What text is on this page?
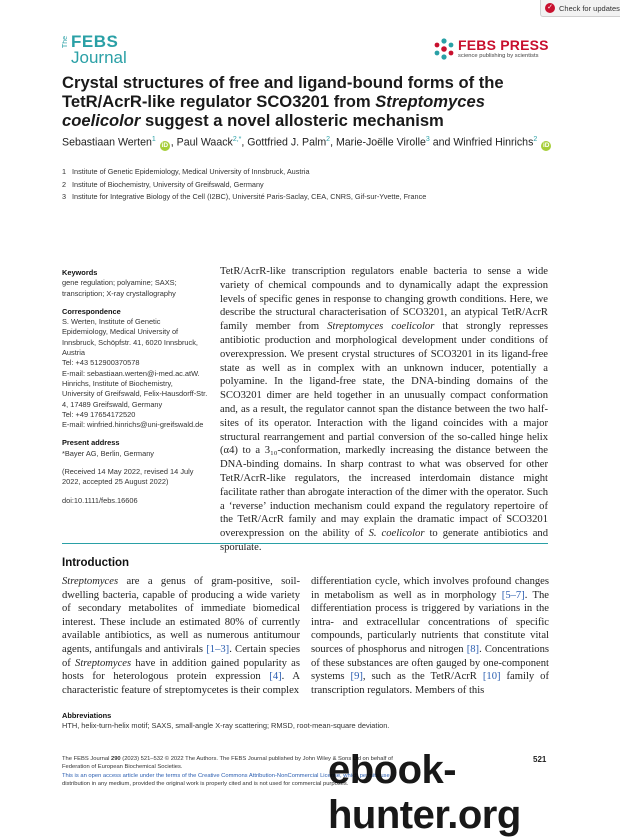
✓ Check for updates
The FEBS
Journal
FEBS PRESS
science publishing by scientists
Crystal structures of free and ligand-bound forms of the TetR/AcrR-like regulator SCO3201 from Streptomyces coelicolor suggest a novel allosteric mechanism
Sebastiaan Werten$^1$ iD , Paul Waack$^{2,*}$, Gottfried J. Palm$^2$, Marie-Joëlle Virolle$^3$ and Winfried Hinrichs$^2$ iD
1 Institute of Genetic Epidemiology, Medical University of Innsbruck, Austria
2 Institute of Biochemistry, University of Greifswald, Germany
3 Institute for Integrative Biology of the Cell (I2BC), Université Paris-Saclay, CEA, CNRS, Gif-sur-Yvette, France
Keywords
gene regulation; polyamine; SAXS; transcription; X-ray crystallography
Correspondence
S. Werten, Institute of Genetic
Epidemiology, Medical University of
Innsbruck, Schöpfstr. 41, 6020 Innsbruck,
Austria
Tel: +43 512900370578
E-mail: sebastiaan.werten@i-med.ac.atW.
Hinrichs, Institute of Biochemistry,
University of Greifswald, Felix-Hausdorff-Str.
4, 17489 Greifswald, Germany
Tel: +49 17654172520
E-mail: winfried.hinrichs@uni-greifswald.de
Present address
*Bayer AG, Berlin, Germany
(Received 14 May 2022, revised 14 July 2022, accepted 25 August 2022)
doi:10.1111/febs.16606
TetR/AcrR-like transcription regulators enable bacteria to sense a wide variety of chemical compounds and to dynamically adapt the expression levels of specific genes in response to changing growth conditions. Here, we describe the structural characterisation of SCO3201, an atypical TetR/AcrR family member from Streptomyces coelicolor that strongly represses antibiotic production and morphological development under conditions of overexpression. We present crystal structures of SCO3201 in its ligand-free state as well as in complex with an unknown inducer, potentially a polyamine. In the ligand-free state, the DNA-binding domains of the SCO3201 dimer are held together in an unusually compact conformation and, as a result, the regulator cannot span the distance between the two half-sites of its operator. Interaction with the ligand coincides with a major structural rearrangement and partial conversion of the so-called hinge helix (α4) to a 3₁₀-conformation, markedly increasing the distance between the DNA-binding domains. In sharp contrast to what was observed for other TetR/AcrR-like regulators, the increased interdomain distance might facilitate rather than abrogate interaction of the dimer with the operator. Such a ‘reverse’ induction mechanism could expand the regulatory repertoire of the TetR/AcrR family and may explain the dramatic impact of SCO3201 overexpression on the ability of S. coelicolor to generate antibiotics and sporulate.
Introduction
Streptomyces are a genus of gram-positive, soil-dwelling bacteria, capable of producing a wide variety of secondary metabolites of immediate biomedical interest. These include an estimated 80% of currently available antibiotics, as well as numerous antitumour agents, antifungals and antivirals [1–3]. Certain species of Streptomyces have in addition gained popularity as hosts for heterologous protein expression [4]. A characteristic feature of streptomycetes is their complex
differentiation cycle, which involves profound changes in metabolism as well as in morphology [5–7]. The differentiation process is triggered by variations in the intra- and extracellular concentrations of specific compounds, particularly nutrients that constitute vital sources of phosphorus and nitrogen [8]. Concentrations of these substances are often gauged by one-component systems [9], such as the TetR/AcrR [10] family of transcription regulators. Members of this
Abbreviations
HTH, helix-turn-helix motif; SAXS, small-angle X-ray scattering; RMSD, root-mean-square deviation.
The FEBS Journal 290 (2023) 521–532 © 2022 The Authors. The FEBS Journal published by John Wiley & Sons Ltd on behalf of
Federation of European Biochemical Societies.
This is an open access article under the terms of the Creative Commons Attribution-NonCommercial License, which permits use,
distribution in any medium, provided the original work is properly cited and is not used for commercial purposes.
521
ebook-hunter.org
